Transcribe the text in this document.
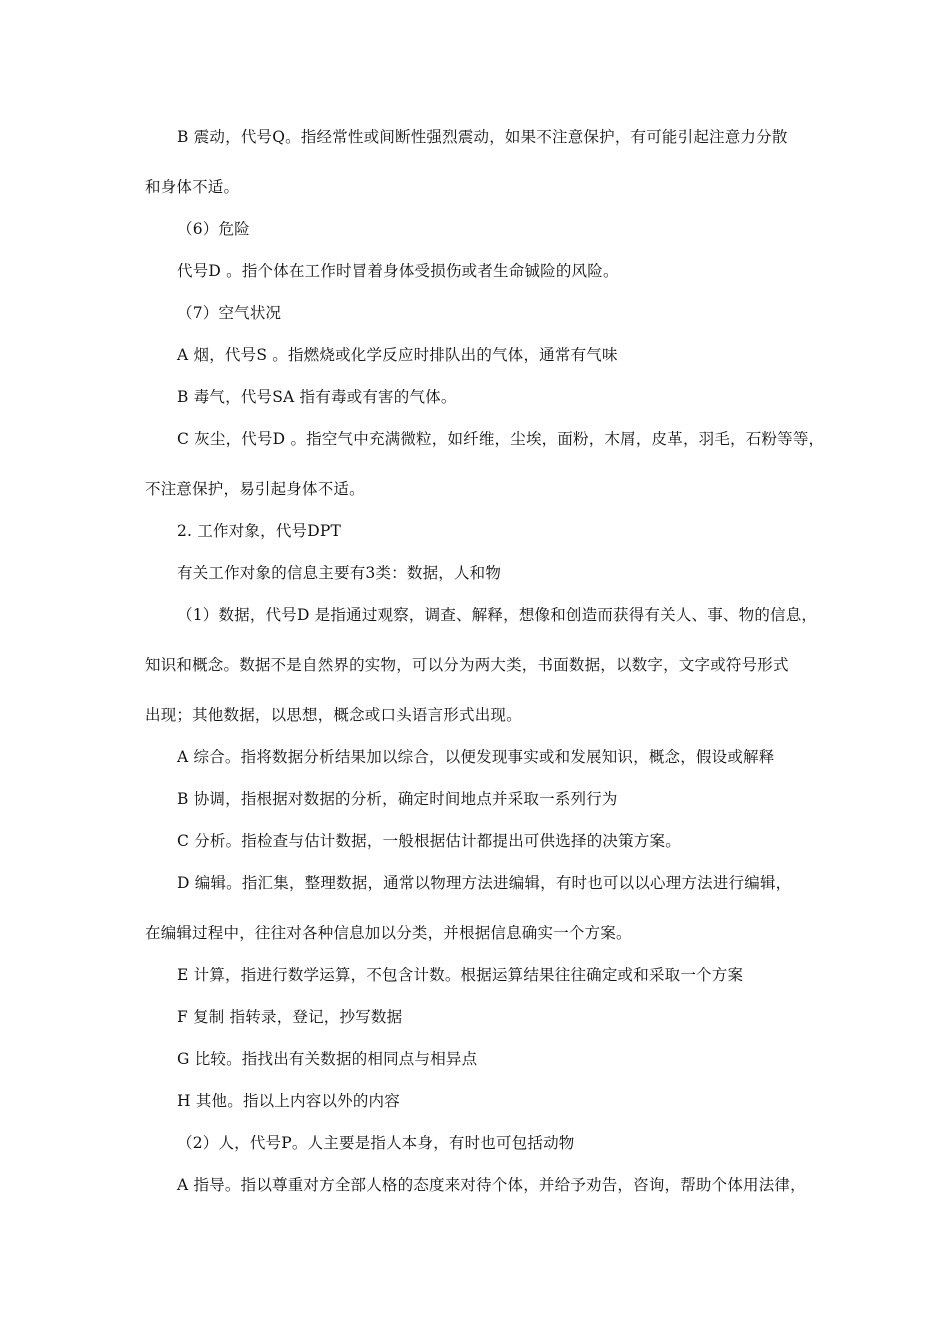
B 震动，代号Q。指经常性或间断性强烈震动，如果不注意保护，有可能引起注意力分散
和身体不适。
（6）危险
代号D 。指个体在工作时冒着身体受损伤或者生命铖险的风险。
（7）空气状况
A 烟，代号S 。指燃烧或化学反应时排队出的气体，通常有气味
B 毒气，代号SA 指有毒或有害的气体。
C 灰尘，代号D 。指空气中充满微粒，如纤维，尘埃，面粉，木屑，皮革，羽毛，石粉等等，
不注意保护，易引起身体不适。
2. 工作对象，代号DPT
有关工作对象的信息主要有3类：数据，人和物
（1）数据，代号D 是指通过观察，调查、解释，想像和创造而获得有关人、事、物的信息，
知识和概念。数据不是自然界的实物，可以分为两大类，书面数据，以数字，文字或符号形式
出现；其他数据，以思想，概念或口头语言形式出现。
A 综合。指将数据分析结果加以综合，以便发现事实或和发展知识，概念，假设或解释
B 协调，指根据对数据的分析，确定时间地点并采取一系列行为
C 分析。指检查与估计数据，一般根据估计都提出可供选择的决策方案。
D 编辑。指汇集，整理数据，通常以物理方法进编辑，有时也可以以心理方法进行编辑，
在编辑过程中，往往对各种信息加以分类，并根据信息确实一个方案。
E 计算，指进行数学运算，不包含计数。根据运算结果往往确定或和采取一个方案
F 复制 指转录，登记，抄写数据
G 比较。指找出有关数据的相同点与相异点
H 其他。指以上内容以外的内容
（2）人，代号P。人主要是指人本身，有时也可包括动物
A 指导。指以尊重对方全部人格的态度来对待个体，并给予劝告，咨询，帮助个体用法律，
